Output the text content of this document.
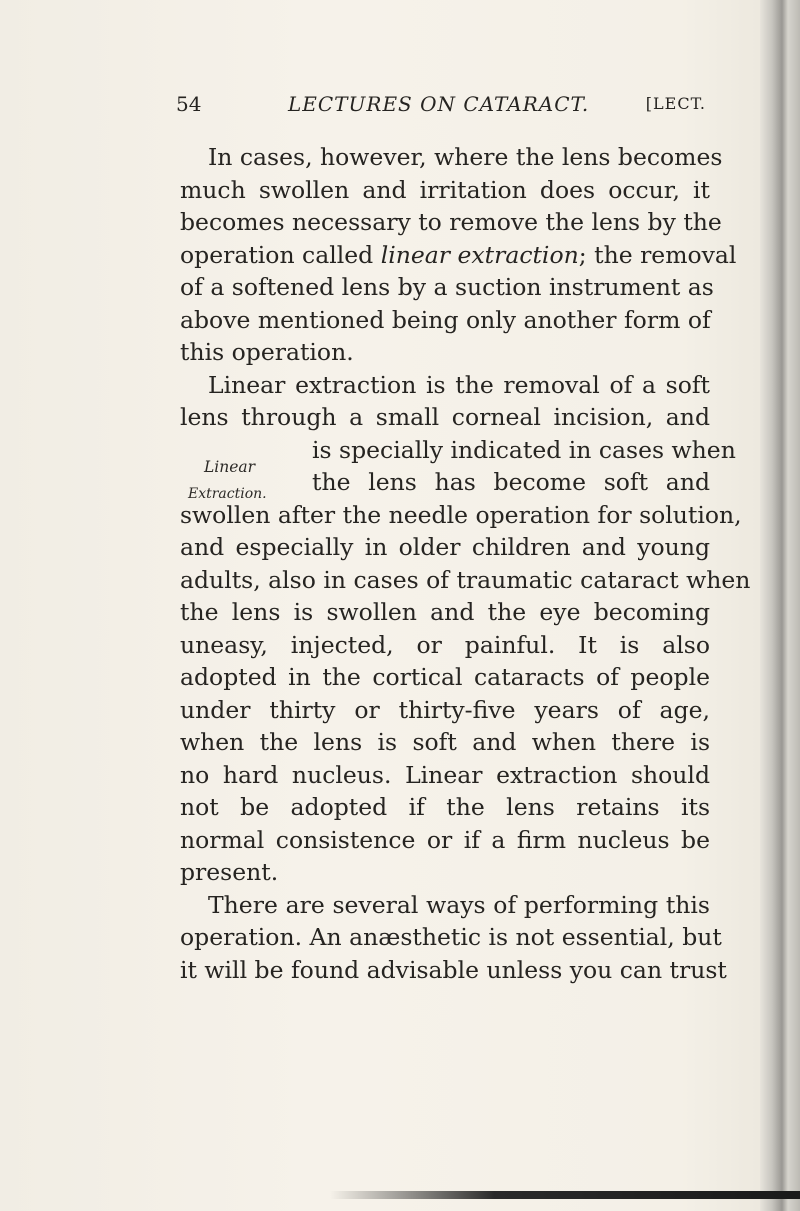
54	LECTURES ON CATARACT.	[LECT.
In cases, however, where the lens becomes
much swollen and irritation does occur, it
becomes necessary to remove the lens by the
operation called linear extraction; the removal
of a softened lens by a suction instrument as
above mentioned being only another form of
this operation.
Linear extraction is the removal of a soft
lens through a small corneal incision, and
is specially indicated in cases when
the lens has become soft and
swollen after the needle operation for solution,
and especially in older children and young
adults, also in cases of traumatic cataract when
the lens is swollen and the eye becoming
uneasy, injected, or painful. It is also
adopted in the cortical cataracts of people
under thirty or thirty-five years of age,
when the lens is soft and when there is
no hard nucleus. Linear extraction should
not be adopted if the lens retains its
normal consistence or if a firm nucleus be
present.
There are several ways of performing this
operation. An anæsthetic is not essential, but
it will be found advisable unless you can trust
Linear
Extraction.
